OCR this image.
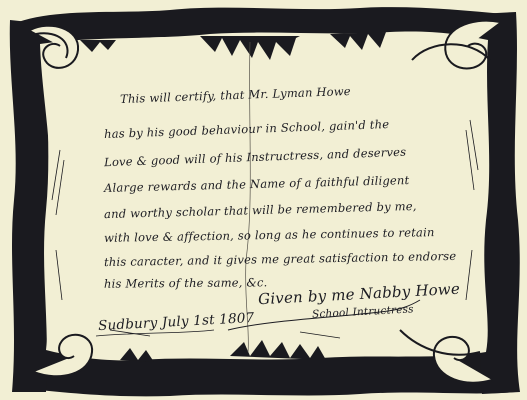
This will certify, that Mr. Lyman Howe
has by his good behaviour in School, gain'd the
Love & good will of his Instructress, and deserves
Alarge rewards and the Name of a faithful diligent
and worthy scholar that will be remembered by me,
with love & affection, so long as he continues to retain
this caracter, and it gives me great satisfaction to endorse
his Merits of the same, &c.
Given by me Nabby Howe
School Intructress
Sudbury July 1st 1807
